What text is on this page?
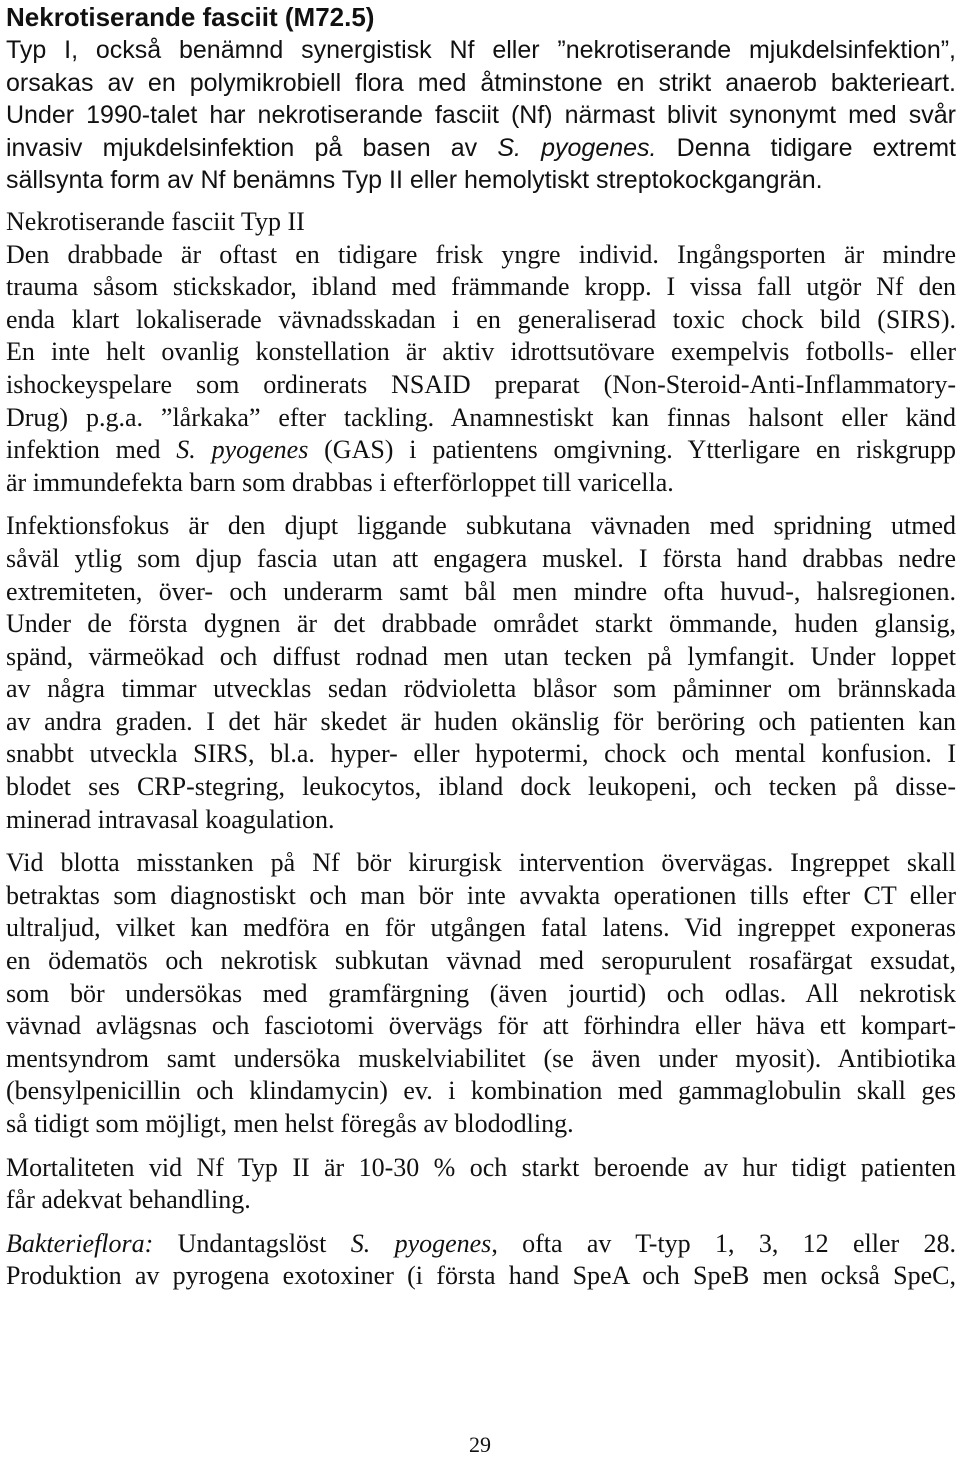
Nekrotiserande fasciit (M72.5)
Typ I, också benämnd synergistisk Nf eller ”nekrotiserande mjukdelsinfektion”,
orsakas av en polymikrobiell flora med åtminstone en strikt anaerob bakterieart.
Under 1990-talet har nekrotiserande fasciit (Nf) närmast blivit synonymt med svår
invasiv mjukdelsinfektion på basen av S. pyogenes. Denna tidigare extremt
sällsynta form av Nf benämns Typ II eller hemolytiskt streptokockgangrän.
Nekrotiserande fasciit Typ II
Den drabbade är oftast en tidigare frisk yngre individ. Ingångsporten är mindre
trauma såsom stickskador, ibland med främmande kropp. I vissa fall utgör Nf den
enda klart lokaliserade vävnadsskadan i en generaliserad toxic chock bild (SIRS).
En inte helt ovanlig konstellation är aktiv idrottsutövare exempelvis fotbolls- eller
ishockeyspelare som ordinerats NSAID preparat (Non-Steroid-Anti-Inflammatory-
Drug) p.g.a. ”lårkaka” efter tackling. Anamnestiskt kan finnas halsont eller känd
infektion med S. pyogenes (GAS) i patientens omgivning. Ytterligare en riskgrupp
är immundefekta barn som drabbas i efterförloppet till varicella.
Infektionsfokus är den djupt liggande subkutana vävnaden med spridning utmed
såväl ytlig som djup fascia utan att engagera muskel. I första hand drabbas nedre
extremiteten, över- och underarm samt bål men mindre ofta huvud-, halsregionen.
Under de första dygnen är det drabbade området starkt ömmande, huden glansig,
spänd, värmeökad och diffust rodnad men utan tecken på lymfangit. Under loppet
av några timmar utvecklas sedan rödvioletta blåsor som påminner om brännskada
av andra graden. I det här skedet är huden okänslig för beröring och patienten kan
snabbt utveckla SIRS, bl.a. hyper- eller hypotermi, chock och mental konfusion. I
blodet ses CRP-stegring, leukocytos, ibland dock leukopeni, och tecken på disse-
minerad intravasal koagulation.
Vid blotta misstanken på Nf bör kirurgisk intervention övervägas. Ingreppet skall
betraktas som diagnostiskt och man bör inte avvakta operationen tills efter CT eller
ultraljud, vilket kan medföra en för utgången fatal latens. Vid ingreppet exponeras
en ödematös och nekrotisk subkutan vävnad med seropurulent rosafärgat exsudat,
som bör undersökas med gramfärgning (även jourtid) och odlas. All nekrotisk
vävnad avlägsnas och fasciotomi övervägs för att förhindra eller häva ett kompart-
mentsyndrom samt undersöka muskelviabilitet (se även under myosit). Antibiotika
(bensylpenicillin och klindamycin) ev. i kombination med gammaglobulin skall ges
så tidigt som möjligt, men helst föregås av blododling.
Mortaliteten vid Nf Typ II är 10-30 % och starkt beroende av hur tidigt patienten
får adekvat behandling.
Bakterieflora: Undantagslöst S. pyogenes, ofta av T-typ 1, 3, 12 eller 28.
Produktion av pyrogena exotoxiner (i första hand SpeA och SpeB men också SpeC,
29
